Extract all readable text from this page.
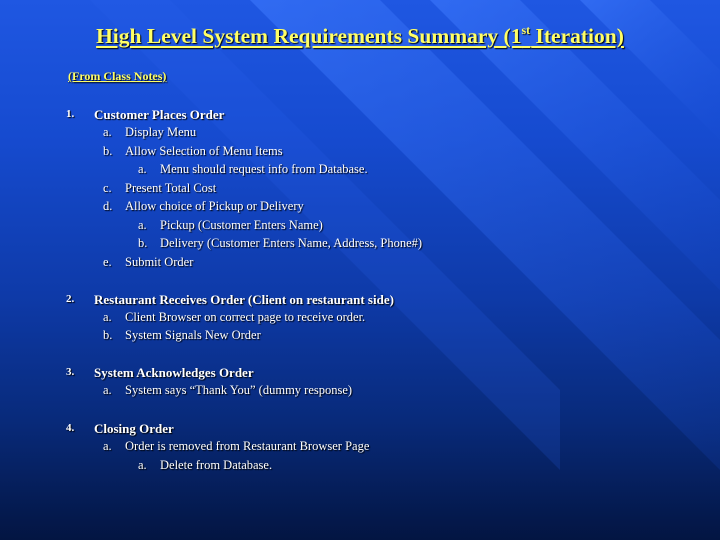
High Level System Requirements Summary (1st Iteration)
(From Class Notes)
1. Customer Places Order
a. Display Menu
b. Allow Selection of Menu Items
a. Menu should request info from Database.
c. Present Total Cost
d. Allow choice of Pickup or Delivery
a. Pickup (Customer Enters Name)
b. Delivery (Customer Enters Name, Address, Phone#)
e. Submit Order
2. Restaurant Receives Order (Client on restaurant side)
a. Client Browser on correct page to receive order.
b. System Signals New Order
3. System Acknowledges Order
a. System says “Thank You” (dummy response)
4. Closing Order
a. Order is removed from Restaurant Browser Page
a. Delete from Database.
